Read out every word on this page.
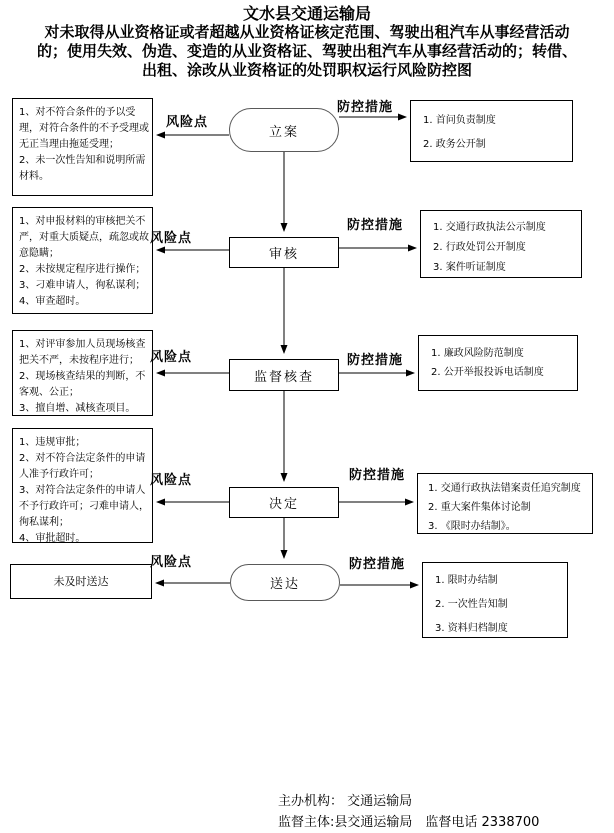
文水县交通运输局
对未取得从业资格证或者超越从业资格证核定范围、驾驶出租汽车从事经营活动
的；使用失效、伪造、变造的从业资格证、驾驶出租汽车从事经营活动的；转借、
出租、涂改从业资格证的处罚职权运行风险防控图
1、对不符合条件的予以受理，对符合条件的不予受理或无正当理由拖延受理；
2、未一次性告知和说明所需材料。
风险点
立案
防控措施
1. 首问负责制度
2. 政务公开制
1、对申报材料的审核把关不严，对重大质疑点，疏忽或故意隐瞒；
2、未按规定程序进行操作；
3、刁难申请人，徇私谋利；
4、审查超时。
风险点
审核
防控措施	1. 交通行政执法公示制度
2. 行政处罚公开制度
3. 案件听证制度
1、对评审参加人员现场核查把关不严，未按程序进行；
2、现场核查结果的判断，不客观、公正；
3、擅自增、减核查项目。
风险点
监督核查
防控措施	1. 廉政风险防范制度
2. 公开举报投诉电话制度
1、违规审批；
2、对不符合法定条件的申请人准予行政许可；
3、对符合法定条件的申请人不予行政许可；刁难申请人，徇私谋利；
4、审批超时。
风险点
决定
防控措施
1. 交通行政执法错案责任追究制度
2. 重大案件集体讨论制
3. 《限时办结制》。
未及时送达
风险点
送达
防控措施
1. 限时办结制
2. 一次性告知制
3. 资料归档制度
主办机构： 交通运输局
监督主体:县交通运输局　监督电话 2338700
